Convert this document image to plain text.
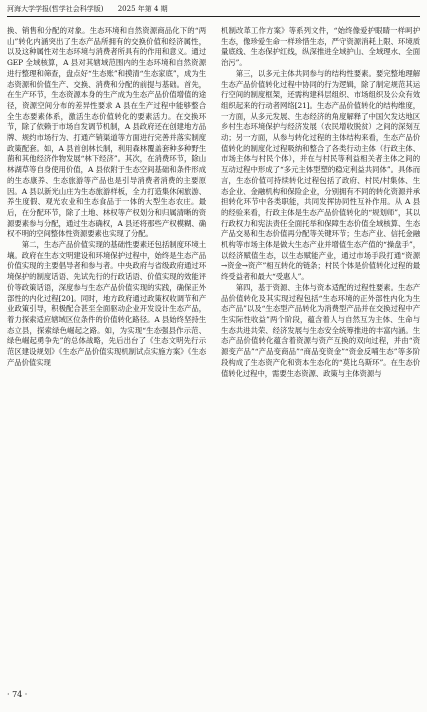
河海大学学报(哲学社会科学版) 2025 年第 4 期

换、销售和分配的对象。生态环境和自然资源商品化下的“两山”转化内涵突出了生态产品所拥有的交换价值和经济属性，以及这种属性对生态环境与消费者所具有的作用和意义。通过 GEP 全域核算，A 县对其辖域范围内的生态环境和自然资源进行整理和筛查，盘点好“生态账”和摸清“生态家底”，成为生态资源和价值生产、交换、消费和分配的前提与基础。首先，在生产环节，生态资源本身的生产成为生态产品价值增值的途径，资源空间分布的差异性要求 A 县在生产过程中能够整合全生态要素体系，激活生态价值转化的要素活力。在交换环节，除了依赖于市场自发调节机制，A 县政府还在创建地方品牌、规约市场行为、打通产销渠道等方面进行完善并落实制度政策配套。如，A 县首创林长制，利用森林覆盖套种多种野生菌和其他经济作物发展“林下经济”。其次，在消费环节，除山林湖草等自身使用价值，A 县依附于生态空间基础和条件形成的生态康养、生态旅游等产品也是引导消费者消费的主要原因。A 县以新光山庄为生态旅游样板，全力打造集休闲旅游、养生度假、观光农业和生态食品于一体的大型生态农庄。最后，在分配环节，除了土地、林权等产权划分和归属清晰的资源要素参与分配，通过生态确权，A 县还将那些产权模糊、确权不明的空间整体性资源要素也实现了分配。

第二，生态产品价值实现的基础性要素还包括制度环境土壤。政府在生态文明建设和环境保护过程中，始终是生态产品价值实现的主要倡导者和参与者。中央政府与省级政府通过环境保护的制度话语、先试先行的行政话语、价值实现的效能评价等政策话语，深度参与生态产品价值实现的实践，确保正外部性的内化过程[20]。同时，地方政府通过政策权收调节和产业政策引导，积极配合甚至全面驱动企业开发设计生态产品，着力探索适应辖域区位条件的价值转化路径。A 县始终坚持生态立县，探索绿色崛起之路。如，为实现“生态强县作示范、绿色崛起勇争先”的总体战略，先后出台了《生态文明先行示范区建设规划》《生态产品价值实现机制试点实施方案》《生态产品价值实现

机制改革工作方案》等系列文件，“始终像爱护眼睛一样呵护生态，像珍爱生命一样珍惜生态，严守资源消耗上限、环境质量底线、生态保护红线，纵深推进全域护山、全域理水、全面治污”。

第三，以多元主体共同参与的结构性要素。要完整地理解生态产品价值转化过程中协同的行为逻辑，除了制定规范其运行空间的制度框架，还需构建科层组织、市场组织及公众有效组织起来的行动者网络[21]。生态产品价值转化的结构维度，一方面，从多元发展、生态经济的角度解释了中国欠发达地区乡村生态环境保护与经济发展（农民增收脱贫）之间的深刻互动；另一方面，从参与转化过程的主体结构来看，生态产品价值转化的制度化过程吸纳和整合了各类行动主体（行政主体、市场主体与村民个体），并在与村民等利益相关者主体之间的互动过程中形成了“多元主体型塑的稳定利益共同体”。具体而言，生态价值可持续转化过程包括了政府、村民/村集体、生态企业、金融机构和保险企业，分别拥有不同的转化资源并承担转化环节中各类职能，共同发挥协同性互补作用。从 A 县的经验来看，行政主体是生态产品价值转化的“规划师”，其以行政权力和宪法责任全面托举和保障生态价值全域核算、生态产品交易和生态价值再分配等关键环节；生态产业、信托金融机构等市场主体是做大生态产业并增值生态产值的“操盘手”，以经济赋值生态，以生态赋能产业，通过市场手段打通“资源→资金→资产”相互转化的链条；村民个体是价值转化过程的最终受益者和最大“受惠人”。

第四，基于资源、主体与资本适配的过程性要素。生态产品价值转化及其实现过程包括“生态环境的正外部性内化为生态产品”以及“生态型产品转化为消费型产品并在交换过程中产生实际性收益”两个阶段，蕴含着人与自然互为主体、生命与生态共进共荣、经济发展与生态安全统筹推进的丰富内涵。生态产品价值转化蕴含着资源与资产互换的双向过程，并由“资源变产品”“产品变商品”“商品变资金”“资金反哺生态”等多阶段构成了生态资产化和资本生态化的“莫比乌斯环”。在生态价值转化过程中，需要生态资源、政策与主体资源与

· 74 ·
